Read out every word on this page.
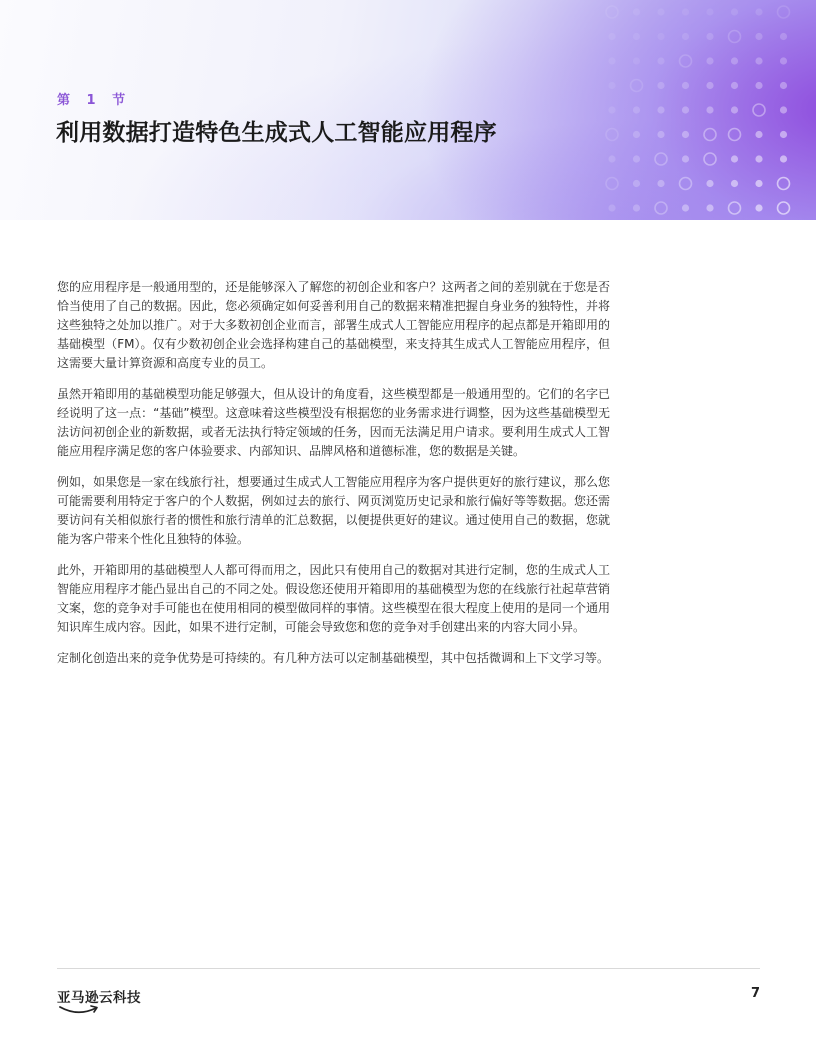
第 1 节
利用数据打造特色生成式人工智能应用程序

您的应用程序是一般通用型的，还是能够深入了解您的初创企业和客户？这两者之间的差别就在于您是否恰当使用了自己的数据。因此，您必须确定如何妥善利用自己的数据来精准把握自身业务的独特性，并将这些独特之处加以推广。对于大多数初创企业而言，部署生成式人工智能应用程序的起点都是开箱即用的基础模型（FM）。仅有少数初创企业会选择构建自己的基础模型，来支持其生成式人工智能应用程序，但这需要大量计算资源和高度专业的员工。

虽然开箱即用的基础模型功能足够强大，但从设计的角度看，这些模型都是一般通用型的。它们的名字已经说明了这一点：“基础”模型。这意味着这些模型没有根据您的业务需求进行调整，因为这些基础模型无法访问初创企业的新数据，或者无法执行特定领域的任务，因而无法满足用户请求。要利用生成式人工智能应用程序满足您的客户体验要求、内部知识、品牌风格和道德标准，您的数据是关键。

例如，如果您是一家在线旅行社，想要通过生成式人工智能应用程序为客户提供更好的旅行建议，那么您可能需要利用特定于客户的个人数据，例如过去的旅行、网页浏览历史记录和旅行偏好等等数据。您还需要访问有关相似旅行者的惯性和旅行清单的汇总数据，以便提供更好的建议。通过使用自己的数据，您就能为客户带来个性化且独特的体验。

此外，开箱即用的基础模型人人都可得而用之，因此只有使用自己的数据对其进行定制，您的生成式人工智能应用程序才能凸显出自己的不同之处。假设您还使用开箱即用的基础模型为您的在线旅行社起草营销文案，您的竞争对手可能也在使用相同的模型做同样的事情。这些模型在很大程度上使用的是同一个通用知识库生成内容。因此，如果不进行定制，可能会导致您和您的竞争对手创建出来的内容大同小异。

定制化创造出来的竞争优势是可持续的。有几种方法可以定制基础模型，其中包括微调和上下文学习等。

亚马逊云科技	7
